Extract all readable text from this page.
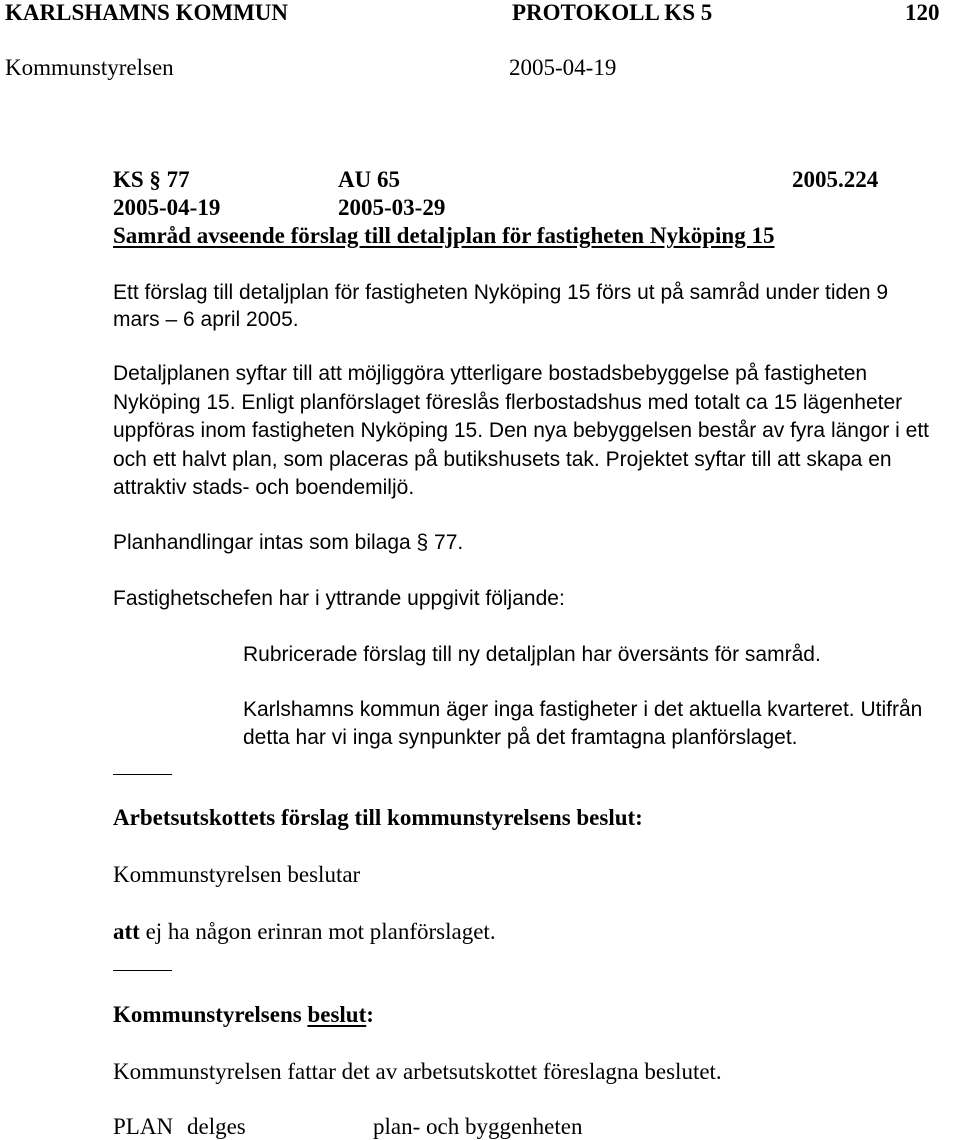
KARLSHAMNS KOMMUN	PROTOKOLL KS 5	120
Kommunstyrelsen	2005-04-19
KS § 77	AU 65	2005.224
2005-04-19	2005-03-29
Samråd avseende förslag till detaljplan för fastigheten Nyköping 15
Ett förslag till detaljplan för fastigheten Nyköping 15 förs ut på samråd under tiden 9
mars – 6 april 2005.
Detaljplanen syftar till att möjliggöra ytterligare bostadsbebyggelse på fastigheten
Nyköping 15. Enligt planförslaget föreslås flerbostadshus med totalt ca 15 lägenheter
uppföras inom fastigheten Nyköping 15. Den nya bebyggelsen består av fyra längor i ett
och ett halvt plan, som placeras på butikshusets tak. Projektet syftar till att skapa en
attraktiv stads- och boendemiljö.
Planhandlingar intas som bilaga § 77.
Fastighetschefen har i yttrande uppgivit följande:
Rubricerade förslag till ny detaljplan har översänts för samråd.
Karlshamns kommun äger inga fastigheter i det aktuella kvarteret. Utifrån
detta har vi inga synpunkter på det framtagna planförslaget.
Arbetsutskottets förslag till kommunstyrelsens beslut:
Kommunstyrelsen beslutar
att ej ha någon erinran mot planförslaget.
Kommunstyrelsens beslut:
Kommunstyrelsen fattar det av arbetsutskottet föreslagna beslutet.
PLAN delges	plan- och byggenheten
